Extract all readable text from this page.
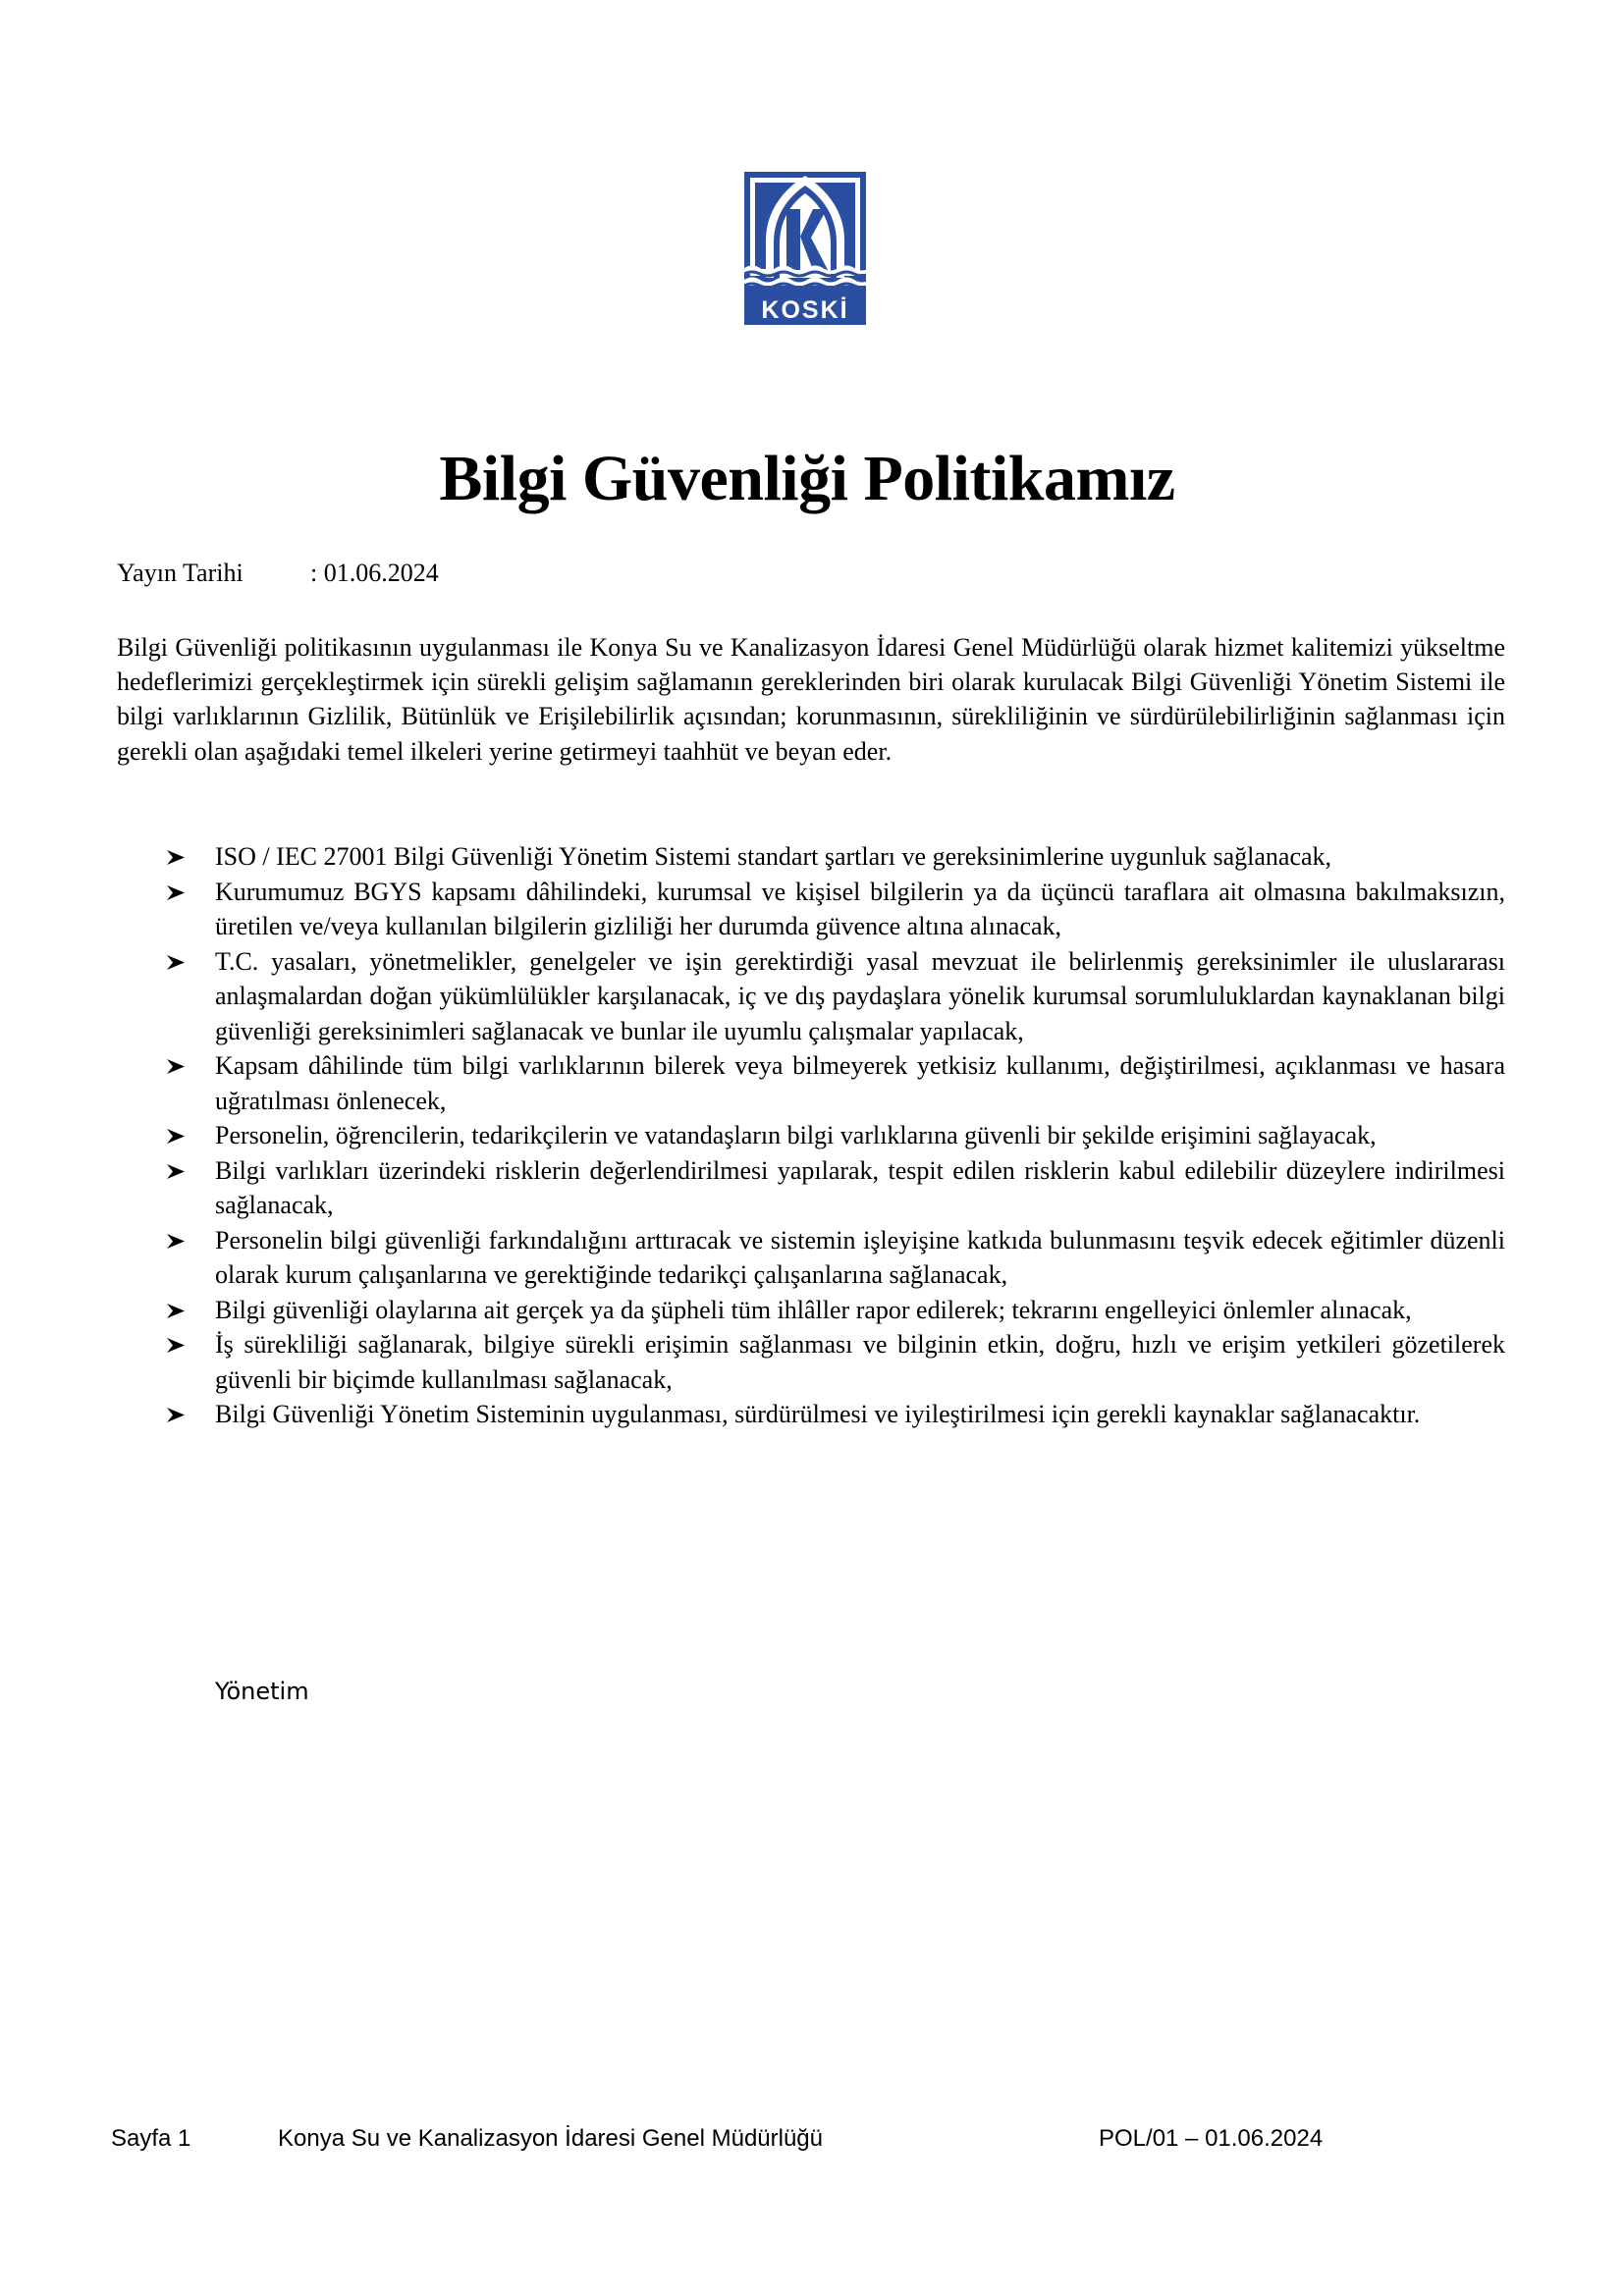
KOSKİ
Bilgi Güvenliği Politikamız
Yayın Tarihi	: 01.06.2024

Bilgi Güvenliği politikasının uygulanması ile Konya Su ve Kanalizasyon İdaresi Genel Müdürlüğü olarak hizmet kalitemizi yükseltme hedeflerimizi gerçekleştirmek için sürekli gelişim sağlamanın gereklerinden biri olarak kurulacak Bilgi Güvenliği Yönetim Sistemi ile bilgi varlıklarının Gizlilik, Bütünlük ve Erişilebilirlik açısından; korunmasının, sürekliliğinin ve sürdürülebilirliğinin sağlanması için gerekli olan aşağıdaki temel ilkeleri yerine getirmeyi taahhüt ve beyan eder.

ISO / IEC 27001 Bilgi Güvenliği Yönetim Sistemi standart şartları ve gereksinimlerine uygunluk sağlanacak,
Kurumumuz BGYS kapsamı dâhilindeki, kurumsal ve kişisel bilgilerin ya da üçüncü taraflara ait olmasına bakılmaksızın, üretilen ve/veya kullanılan bilgilerin gizliliği her durumda güvence altına alınacak,
T.C. yasaları, yönetmelikler, genelgeler ve işin gerektirdiği yasal mevzuat ile belirlenmiş gereksinimler ile uluslararası anlaşmalardan doğan yükümlülükler karşılanacak, iç ve dış paydaşlara yönelik kurumsal sorumluluklardan kaynaklanan bilgi güvenliği gereksinimleri sağlanacak ve bunlar ile uyumlu çalışmalar yapılacak,
Kapsam dâhilinde tüm bilgi varlıklarının bilerek veya bilmeyerek yetkisiz kullanımı, değiştirilmesi, açıklanması ve hasara uğratılması önlenecek,
Personelin, öğrencilerin, tedarikçilerin ve vatandaşların bilgi varlıklarına güvenli bir şekilde erişimini sağlayacak,
Bilgi varlıkları üzerindeki risklerin değerlendirilmesi yapılarak, tespit edilen risklerin kabul edilebilir düzeylere indirilmesi sağlanacak,
Personelin bilgi güvenliği farkındalığını arttıracak ve sistemin işleyişine katkıda bulunmasını teşvik edecek eğitimler düzenli olarak kurum çalışanlarına ve gerektiğinde tedarikçi çalışanlarına sağlanacak,
Bilgi güvenliği olaylarına ait gerçek ya da şüpheli tüm ihlâller rapor edilerek; tekrarını engelleyici önlemler alınacak,
İş sürekliliği sağlanarak, bilgiye sürekli erişimin sağlanması ve bilginin etkin, doğru, hızlı ve erişim yetkileri gözetilerek güvenli bir biçimde kullanılması sağlanacak,
Bilgi Güvenliği Yönetim Sisteminin uygulanması, sürdürülmesi ve iyileştirilmesi için gerekli kaynaklar sağlanacaktır.
Yönetim
Sayfa 1	Konya Su ve Kanalizasyon İdaresi Genel Müdürlüğü	POL/01 – 01.06.2024
